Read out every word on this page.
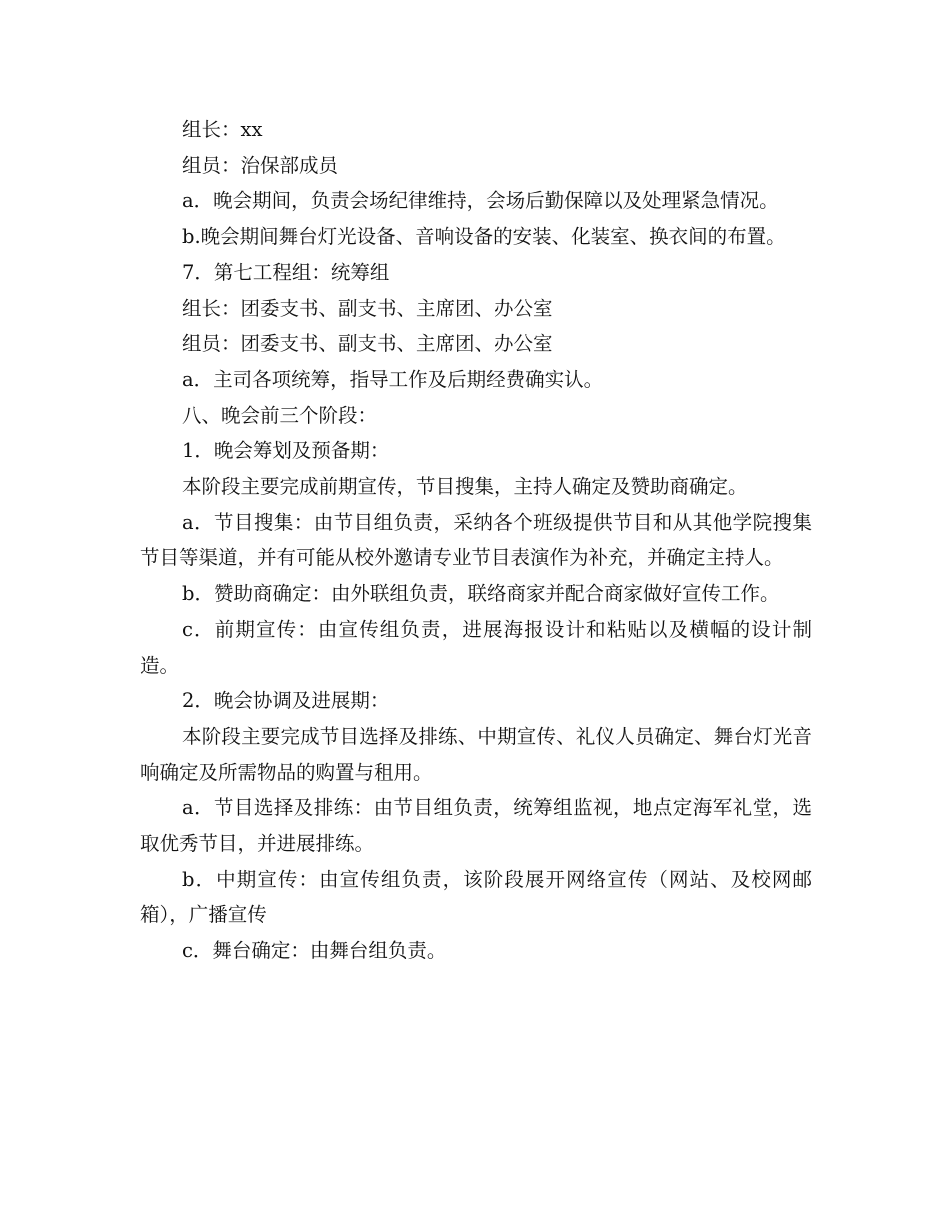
组长：xx

组员：治保部成员

a．晚会期间，负责会场纪律维持，会场后勤保障以及处理紧急情况。

b.晚会期间舞台灯光设备、音响设备的安装、化装室、换衣间的布置。

7．第七工程组：统筹组

组长：团委支书、副支书、主席团、办公室

组员：团委支书、副支书、主席团、办公室

a．主司各项统筹，指导工作及后期经费确实认。

八、晚会前三个阶段：

1．晚会筹划及预备期：

本阶段主要完成前期宣传，节目搜集，主持人确定及赞助商确定。

a．节目搜集：由节目组负责，采纳各个班级提供节目和从其他学院搜集节目等渠道，并有可能从校外邀请专业节目表演作为补充，并确定主持人。

b．赞助商确定：由外联组负责，联络商家并配合商家做好宣传工作。

c．前期宣传：由宣传组负责，进展海报设计和粘贴以及横幅的设计制造。

2．晚会协调及进展期：

本阶段主要完成节目选择及排练、中期宣传、礼仪人员确定、舞台灯光音响确定及所需物品的购置与租用。

a．节目选择及排练：由节目组负责，统筹组监视，地点定海军礼堂，选取优秀节目，并进展排练。

b．中期宣传：由宣传组负责，该阶段展开网络宣传（网站、及校网邮箱），广播宣传

c．舞台确定：由舞台组负责。
